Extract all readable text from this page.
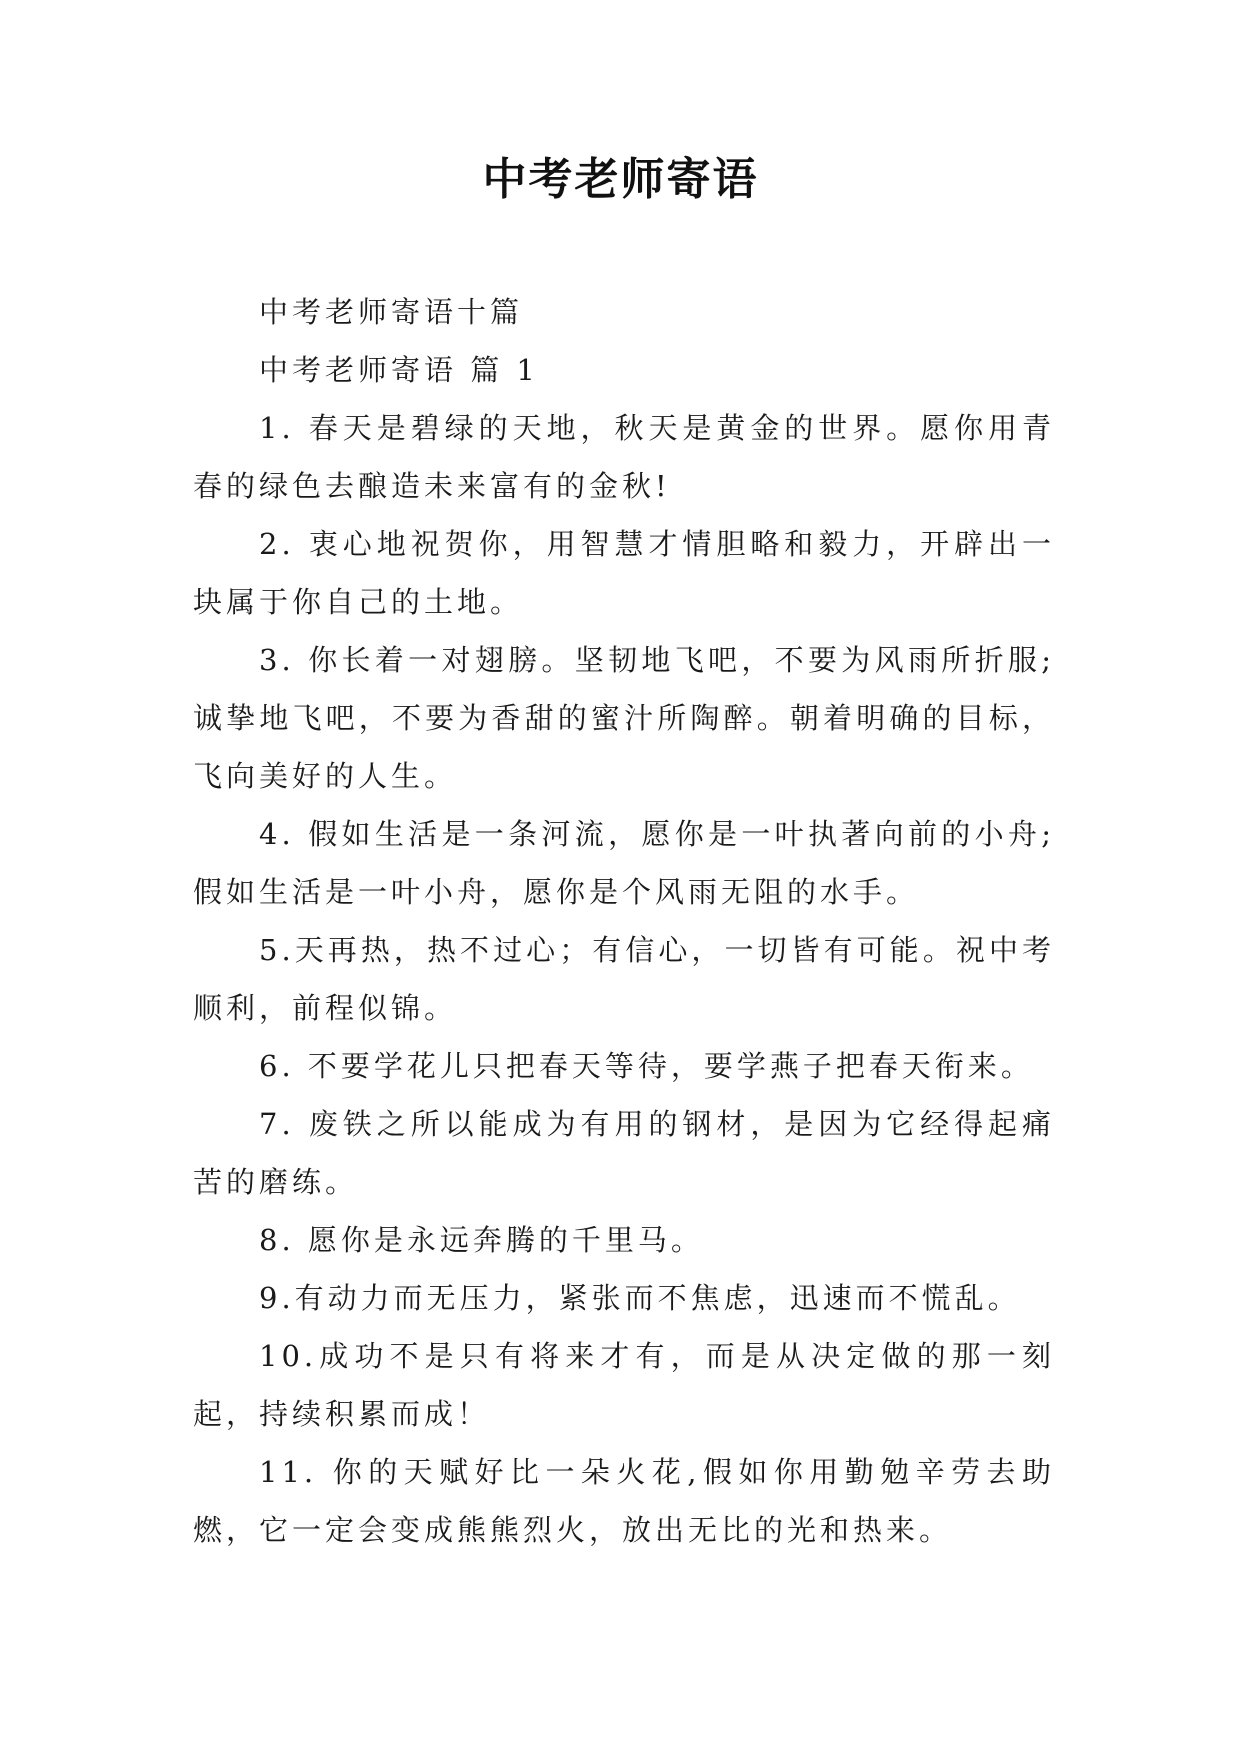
中考老师寄语

中考老师寄语十篇

中考老师寄语 篇 1

1. 春天是碧绿的天地，秋天是黄金的世界。愿你用青春的绿色去酿造未来富有的金秋!

2. 衷心地祝贺你，用智慧才情胆略和毅力，开辟出一块属于你自己的土地。

3. 你长着一对翅膀。坚韧地飞吧，不要为风雨所折服;诚挚地飞吧，不要为香甜的蜜汁所陶醉。朝着明确的目标，飞向美好的人生。

4. 假如生活是一条河流，愿你是一叶执著向前的小舟;假如生活是一叶小舟，愿你是个风雨无阻的水手。

5.天再热，热不过心；有信心，一切皆有可能。祝中考顺利，前程似锦。

6. 不要学花儿只把春天等待，要学燕子把春天衔来。

7. 废铁之所以能成为有用的钢材，是因为它经得起痛苦的磨练。

8. 愿你是永远奔腾的千里马。

9.有动力而无压力，紧张而不焦虑，迅速而不慌乱。

10.成功不是只有将来才有，而是从决定做的那一刻起，持续积累而成！

11. 你的天赋好比一朵火花,假如你用勤勉辛劳去助燃，它一定会变成熊熊烈火，放出无比的光和热来。
